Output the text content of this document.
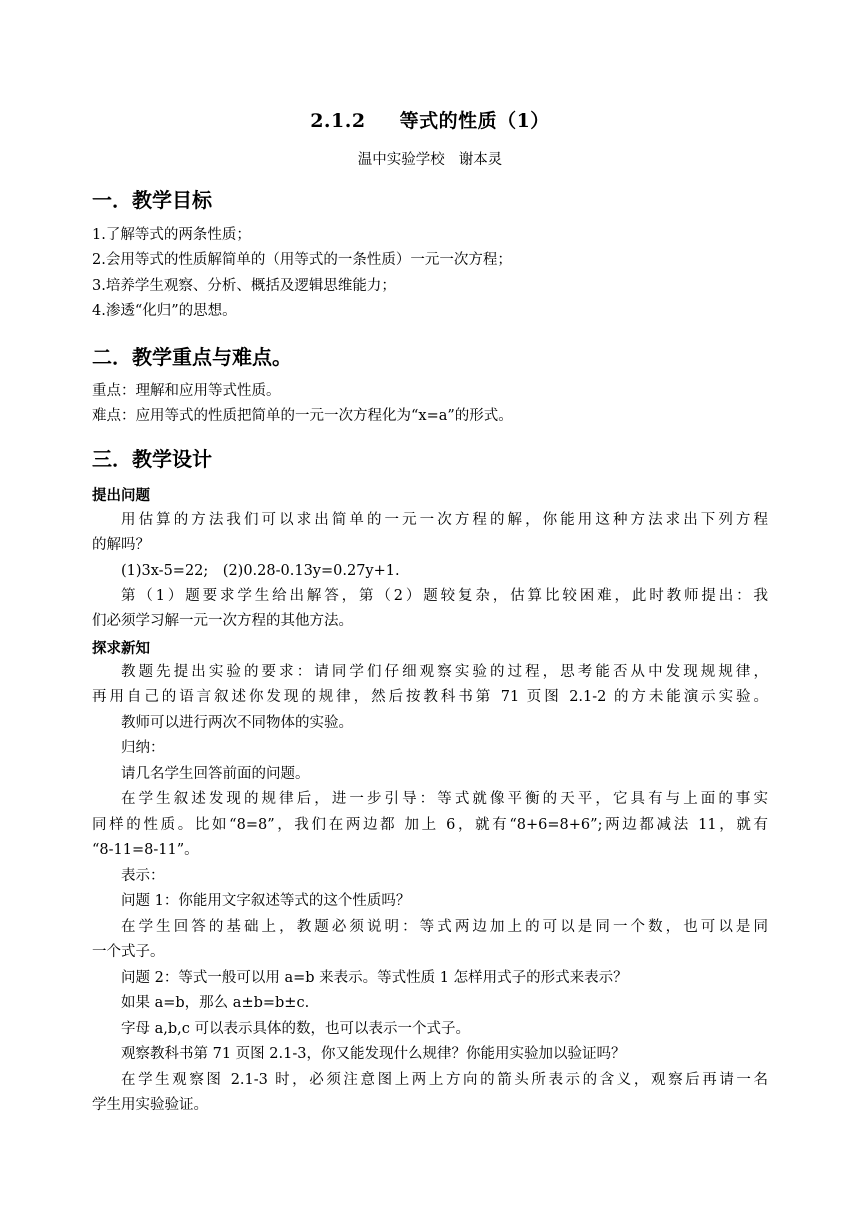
2.1.2 等式的性质（1）
温中实验学校 谢本灵
一．教学目标
1.了解等式的两条性质；
2.会用等式的性质解简单的（用等式的一条性质）一元一次方程；
3.培养学生观察、分析、概括及逻辑思维能力；
4.渗透“化归”的思想。
二．教学重点与难点。
重点：理解和应用等式性质。
难点：应用等式的性质把简单的一元一次方程化为“x=a”的形式。
三．教学设计
提出问题
用估算的方法我们可以求出简单的一元一次方程的解，你能用这种方法求出下列方程
的解吗？
(1)3x-5=22;　(2)0.28-0.13y=0.27y+1.
第（1）题要求学生给出解答，第（2）题较复杂，估算比较困难，此时教师提出：我
们必须学习解一元一次方程的其他方法。
探求新知
教题先提出实验的要求：请同学们仔细观察实验的过程，思考能否从中发现规规律，
再用自己的语言叙述你发现的规律，然后按教科书第 71 页图 2.1-2 的方未能演示实验。
教师可以进行两次不同物体的实验。
归纳：
请几名学生回答前面的问题。
在学生叙述发现的规律后，进一步引导：等式就像平衡的天平，它具有与上面的事实
同样的性质。比如“8=8”，我们在两边都 加上 6，就有“8+6=8+6”;两边都减法 11，就有
“8-11=8-11”。
表示：
问题 1：你能用文字叙述等式的这个性质吗？
在学生回答的基础上，教题必须说明：等式两边加上的可以是同一个数，也可以是同
一个式子。
问题 2：等式一般可以用 a=b 来表示。等式性质 1 怎样用式子的形式来表示？
如果 a=b，那么 a±b=b±c.
字母 a,b,c 可以表示具体的数，也可以表示一个式子。
观察教科书第 71 页图 2.1-3，你又能发现什么规律？你能用实验加以验证吗？
在学生观察图 2.1-3 时，必须注意图上两上方向的箭头所表示的含义，观察后再请一名
学生用实验验证。
